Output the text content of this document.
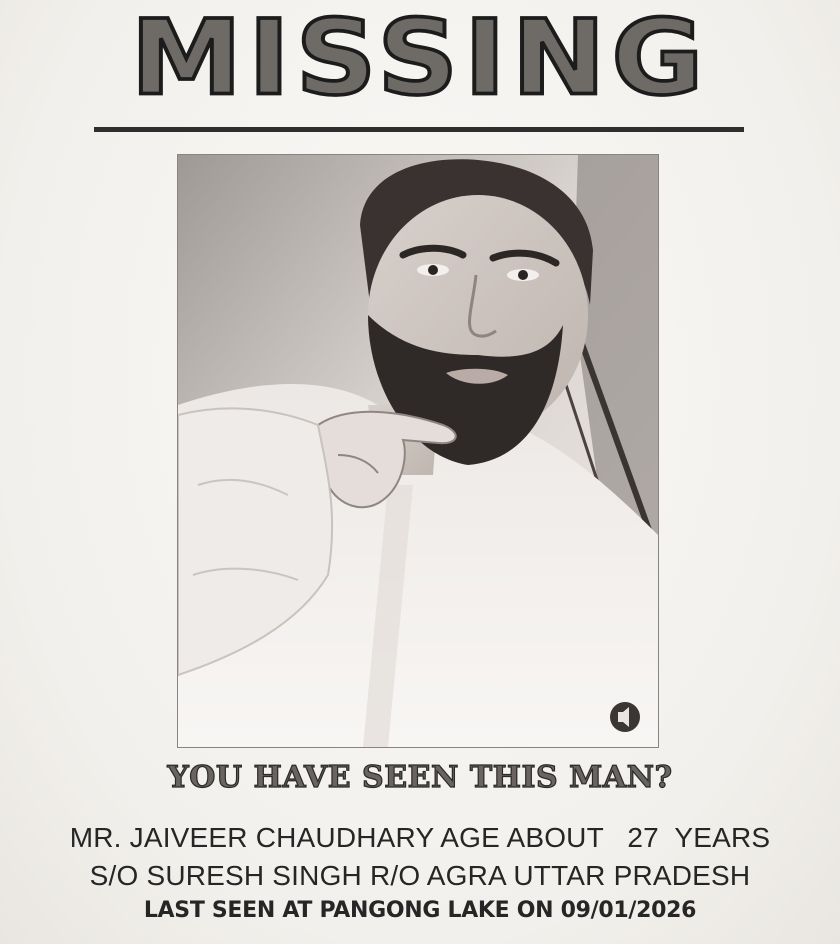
MISSING
YOU HAVE SEEN THIS MAN?
MR. JAIVEER CHAUDHARY AGE ABOUT   27  YEARS
S/O SURESH SINGH R/O AGRA UTTAR PRADESH
LAST SEEN AT PANGONG LAKE ON 09/01/2026
